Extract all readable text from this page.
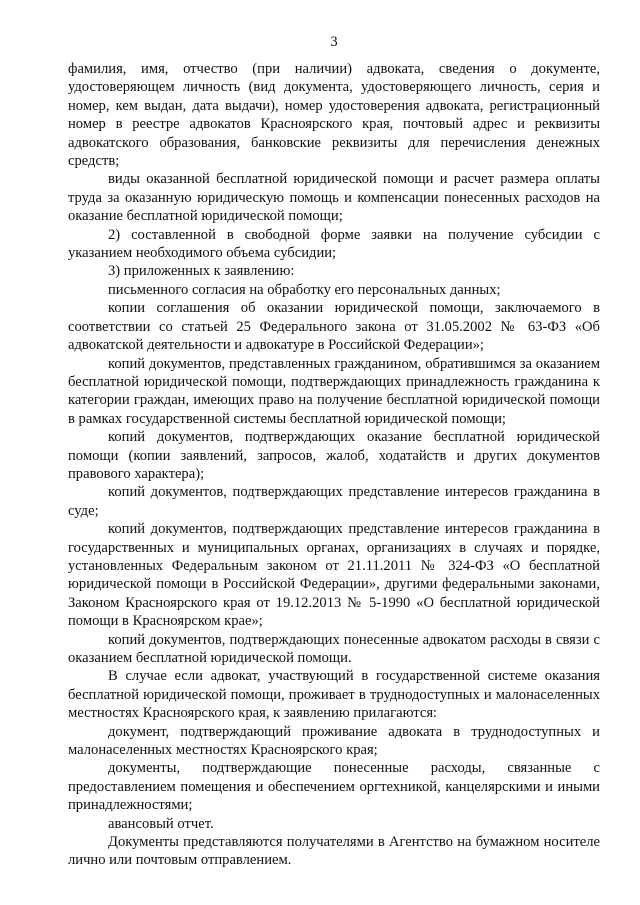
3

фамилия, имя, отчество (при наличии) адвоката, сведения о документе, удостоверяющем личность (вид документа, удостоверяющего личность, серия и номер, кем выдан, дата выдачи), номер удостоверения адвоката, регистрационный номер в реестре адвокатов Красноярского края, почтовый адрес и реквизиты адвокатского образования, банковские реквизиты для перечисления денежных средств;

виды оказанной бесплатной юридической помощи и расчет размера оплаты труда за оказанную юридическую помощь и компенсации понесенных расходов на оказание бесплатной юридической помощи;

2) составленной в свободной форме заявки на получение субсидии с указанием необходимого объема субсидии;

3) приложенных к заявлению:

письменного согласия на обработку его персональных данных;

копии соглашения об оказании юридической помощи, заключаемого в соответствии со статьей 25 Федерального закона от 31.05.2002 № 63-ФЗ «Об адвокатской деятельности и адвокатуре в Российской Федерации»;

копий документов, представленных гражданином, обратившимся за оказанием бесплатной юридической помощи, подтверждающих принадлежность гражданина к категории граждан, имеющих право на получение бесплатной юридической помощи в рамках государственной системы бесплатной юридической помощи;

копий документов, подтверждающих оказание бесплатной юридической помощи (копии заявлений, запросов, жалоб, ходатайств и других документов правового характера);

копий документов, подтверждающих представление интересов гражданина в суде;

копий документов, подтверждающих представление интересов гражданина в государственных и муниципальных органах, организациях в случаях и порядке, установленных Федеральным законом от 21.11.2011 № 324-ФЗ «О бесплатной юридической помощи в Российской Федерации», другими федеральными законами, Законом Красноярского края от 19.12.2013 № 5-1990 «О бесплатной юридической помощи в Красноярском крае»;

копий документов, подтверждающих понесенные адвокатом расходы в связи с оказанием бесплатной юридической помощи.

В случае если адвокат, участвующий в государственной системе оказания бесплатной юридической помощи, проживает в труднодоступных и малонаселенных местностях Красноярского края, к заявлению прилагаются:

документ, подтверждающий проживание адвоката в труднодоступных и малонаселенных местностях Красноярского края;

документы, подтверждающие понесенные расходы, связанные с предоставлением помещения и обеспечением оргтехникой, канцелярскими и иными принадлежностями;

авансовый отчет.

Документы представляются получателями в Агентство на бумажном носителе лично или почтовым отправлением.
